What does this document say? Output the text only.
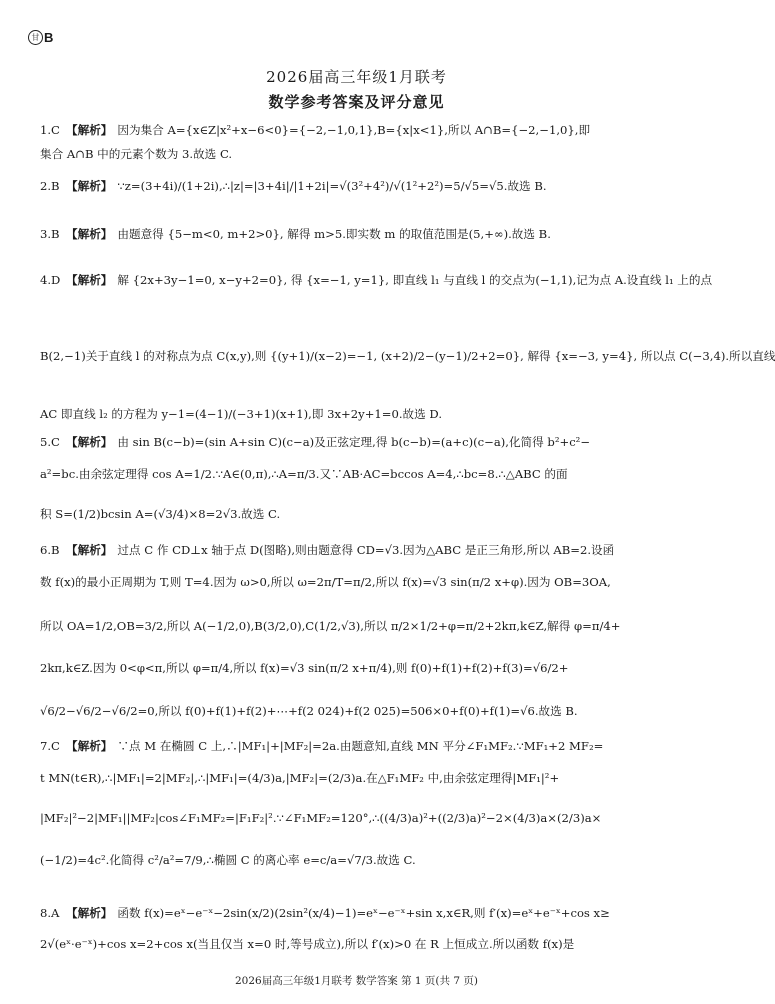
甘 B
2026届高三年级1月联考
数学参考答案及评分意见
1.C 【解析】 因为集合 A={x∈Z|x²+x−6<0}={−2,−1,0,1},B={x|x<1},所以 A∩B={−2,−1,0},即
集合 A∩B 中的元素个数为 3.故选 C.
2.B 【解析】 ∵z=(3+4i)/(1+2i),∴|z|=|3+4i|/|1+2i|=√(3²+4²)/√(1²+2²)=5/√5=√5.故选 B.
3.B 【解析】 由题意得 {5−m<0, m+2>0}, 解得 m>5.即实数 m 的取值范围是(5,+∞).故选 B.
4.D 【解析】 解 {2x+3y−1=0, x−y+2=0}, 得 {x=−1, y=1}, 即直线 l₁ 与直线 l 的交点为(−1,1),记为点 A.设直线 l₁ 上的点
B(2,−1)关于直线 l 的对称点为点 C(x,y),则 {(y+1)/(x−2)=−1, (x+2)/2−(y−1)/2+2=0}, 解得 {x=−3, y=4}, 所以点 C(−3,4).所以直线
AC 即直线 l₂ 的方程为 y−1=(4−1)/(−3+1)(x+1),即 3x+2y+1=0.故选 D.
5.C 【解析】 由 sin B(c−b)=(sin A+sin C)(c−a)及正弦定理,得 b(c−b)=(a+c)(c−a),化简得 b²+c²−
a²=bc.由余弦定理得 cos A=1/2.∵A∈(0,π),∴A=π/3.又∵AB·AC=bccos A=4,∴bc=8.∴△ABC 的面
积 S=(1/2)bcsin A=(√3/4)×8=2√3.故选 C.
6.B 【解析】 过点 C 作 CD⊥x 轴于点 D(图略),则由题意得 CD=√3.因为△ABC 是正三角形,所以 AB=2.设函
数 f(x)的最小正周期为 T,则 T=4.因为 ω>0,所以 ω=2π/T=π/2,所以 f(x)=√3 sin(π/2 x+φ).因为 OB=3OA,
所以 OA=1/2,OB=3/2,所以 A(−1/2,0),B(3/2,0),C(1/2,√3),所以 π/2×1/2+φ=π/2+2kπ,k∈Z,解得 φ=π/4+
2kπ,k∈Z.因为 0<φ<π,所以 φ=π/4,所以 f(x)=√3 sin(π/2 x+π/4),则 f(0)+f(1)+f(2)+f(3)=√6/2+
√6/2−√6/2−√6/2=0,所以 f(0)+f(1)+f(2)+⋯+f(2 024)+f(2 025)=506×0+f(0)+f(1)=√6.故选 B.
7.C 【解析】 ∵点 M 在椭圆 C 上,∴|MF₁|+|MF₂|=2a.由题意知,直线 MN 平分∠F₁MF₂.∵MF₁+2 MF₂=
t MN(t∈R),∴|MF₁|=2|MF₂|,∴|MF₁|=(4/3)a,|MF₂|=(2/3)a.在△F₁MF₂ 中,由余弦定理得|MF₁|²+
|MF₂|²−2|MF₁||MF₂|cos∠F₁MF₂=|F₁F₂|².∵∠F₁MF₂=120°,∴((4/3)a)²+((2/3)a)²−2×(4/3)a×(2/3)a×
(−1/2)=4c².化简得 c²/a²=7/9,∴椭圆 C 的离心率 e=c/a=√7/3.故选 C.
8.A 【解析】 函数 f(x)=eˣ−e⁻ˣ−2sin(x/2)(2sin²(x/4)−1)=eˣ−e⁻ˣ+sin x,x∈R,则 f′(x)=eˣ+e⁻ˣ+cos x≥
2√(eˣ·e⁻ˣ)+cos x=2+cos x(当且仅当 x=0 时,等号成立),所以 f′(x)>0 在 R 上恒成立.所以函数 f(x)是
2026届高三年级1月联考 数学答案 第 1 页(共 7 页)
